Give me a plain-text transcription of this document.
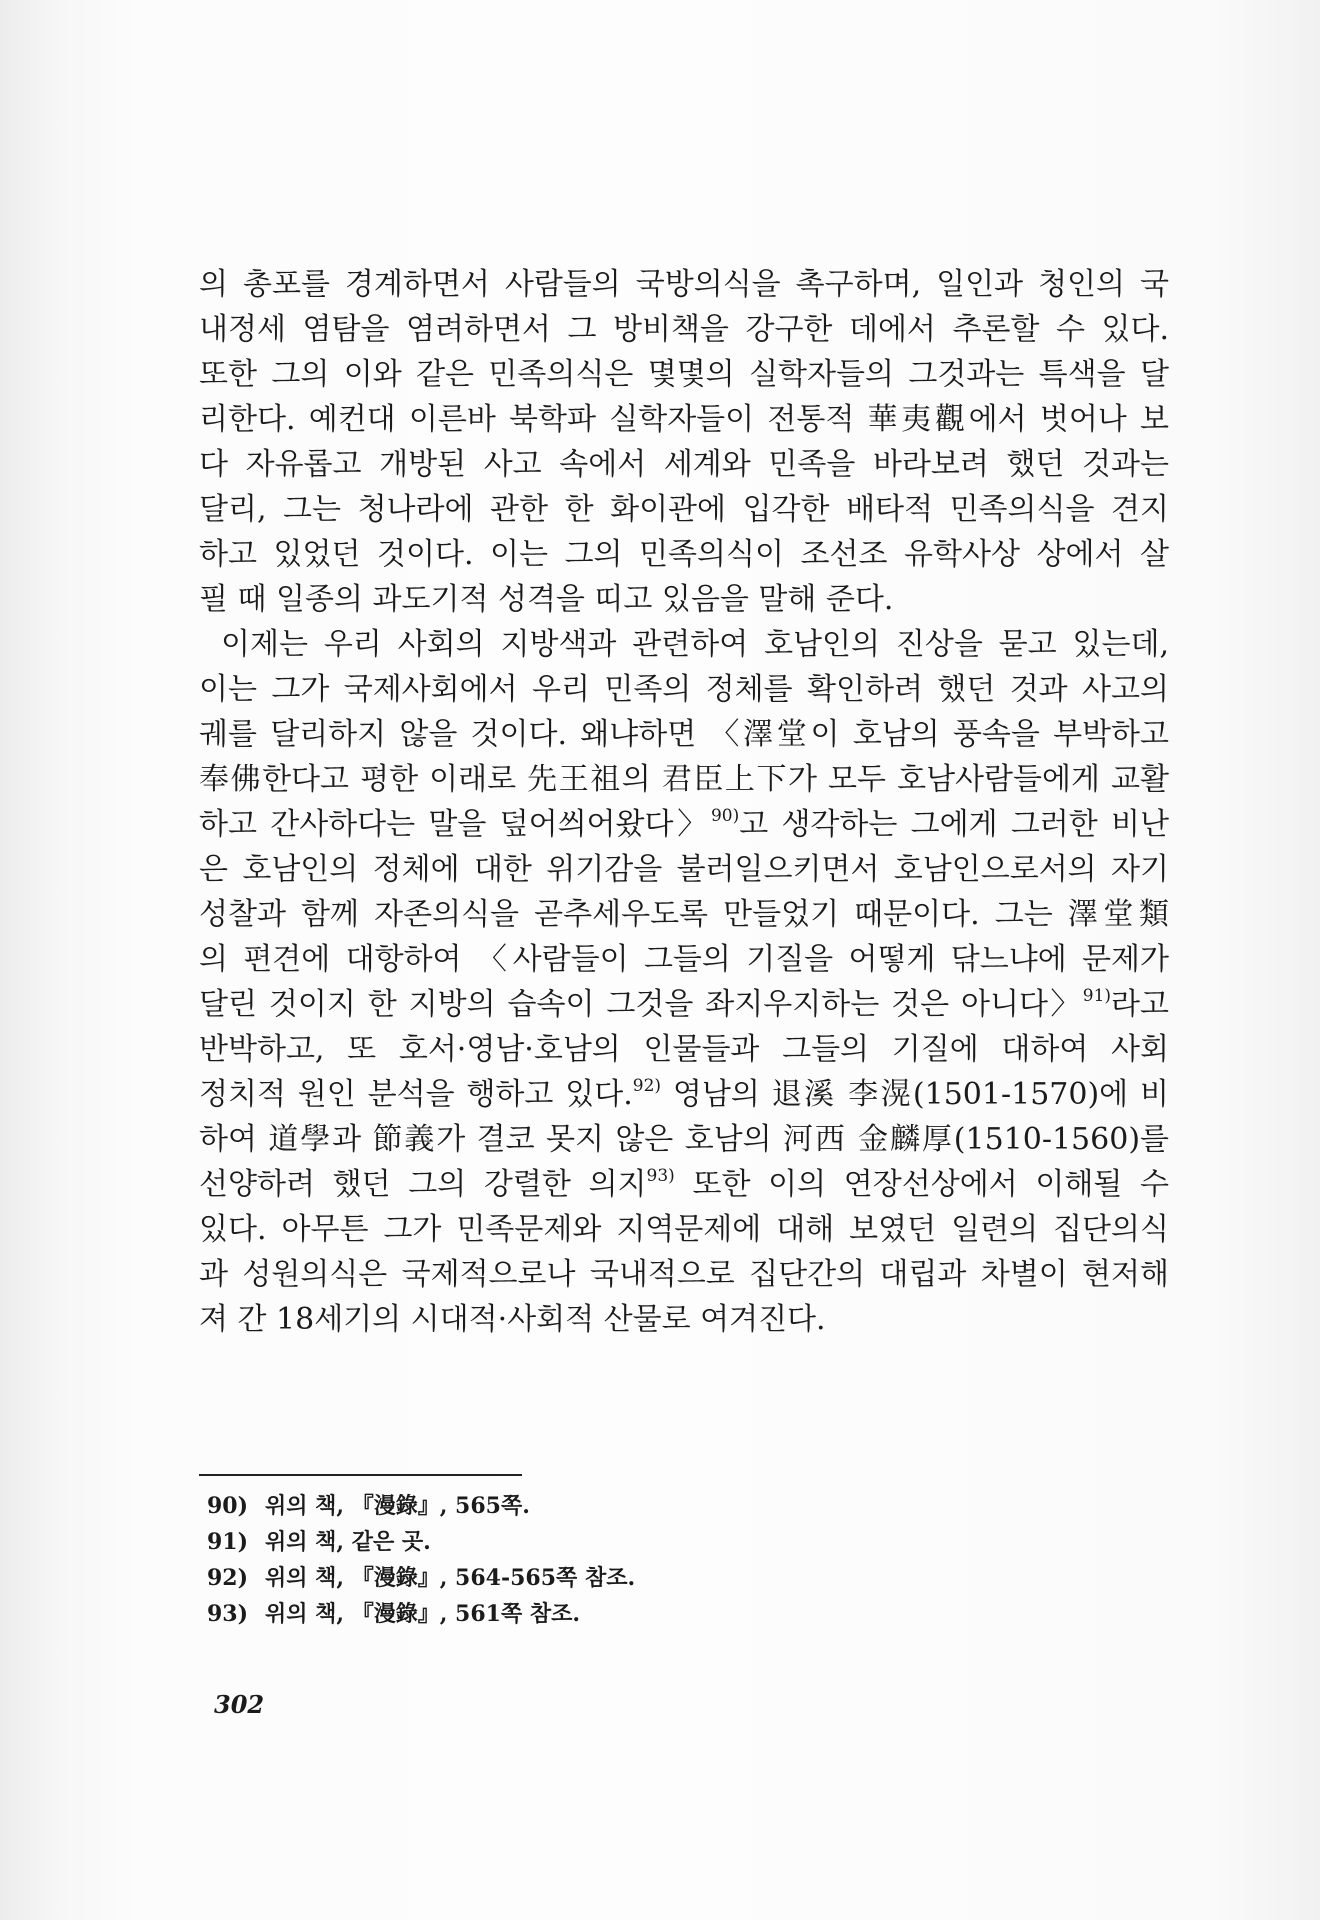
의 총포를 경계하면서 사람들의 국방의식을 촉구하며, 일인과 청인의 국
내정세 염탐을 염려하면서 그 방비책을 강구한 데에서 추론할 수 있다.
또한 그의 이와 같은 민족의식은 몇몇의 실학자들의 그것과는 특색을 달
리한다. 예컨대 이른바 북학파 실학자들이 전통적 華夷觀에서 벗어나 보
다 자유롭고 개방된 사고 속에서 세계와 민족을 바라보려 했던 것과는
달리, 그는 청나라에 관한 한 화이관에 입각한 배타적 민족의식을 견지
하고 있었던 것이다. 이는 그의 민족의식이 조선조 유학사상 상에서 살
필 때 일종의 과도기적 성격을 띠고 있음을 말해 준다.
이제는 우리 사회의 지방색과 관련하여 호남인의 진상을 묻고 있는데,
이는 그가 국제사회에서 우리 민족의 정체를 확인하려 했던 것과 사고의
궤를 달리하지 않을 것이다. 왜냐하면 〈澤堂이 호남의 풍속을 부박하고
奉佛한다고 평한 이래로 先王祖의 君臣上下가 모두 호남사람들에게 교활
하고 간사하다는 말을 덮어씌어왔다〉$^{90)}$고 생각하는 그에게 그러한 비난
은 호남인의 정체에 대한 위기감을 불러일으키면서 호남인으로서의 자기
성찰과 함께 자존의식을 곧추세우도록 만들었기 때문이다. 그는 澤堂類
의 편견에 대항하여 〈사람들이 그들의 기질을 어떻게 닦느냐에 문제가
달린 것이지 한 지방의 습속이 그것을 좌지우지하는 것은 아니다〉$^{91)}$라고
반박하고, 또 호서·영남·호남의 인물들과 그들의 기질에 대하여 사회
정치적 원인 분석을 행하고 있다.$^{92)}$ 영남의 退溪 李滉(1501-1570)에 비
하여 道學과 節義가 결코 못지 않은 호남의 河西 金麟厚(1510-1560)를
선양하려 했던 그의 강렬한 의지$^{93)}$ 또한 이의 연장선상에서 이해될 수
있다. 아무튼 그가 민족문제와 지역문제에 대해 보였던 일련의 집단의식
과 성원의식은 국제적으로나 국내적으로 집단간의 대립과 차별이 현저해
져 간 18세기의 시대적·사회적 산물로 여겨진다.
90) 위의 책, 『漫錄』, 565쪽.
91) 위의 책, 같은 곳.
92) 위의 책, 『漫錄』, 564-565쪽 참조.
93) 위의 책, 『漫錄』, 561쪽 참조.
302
